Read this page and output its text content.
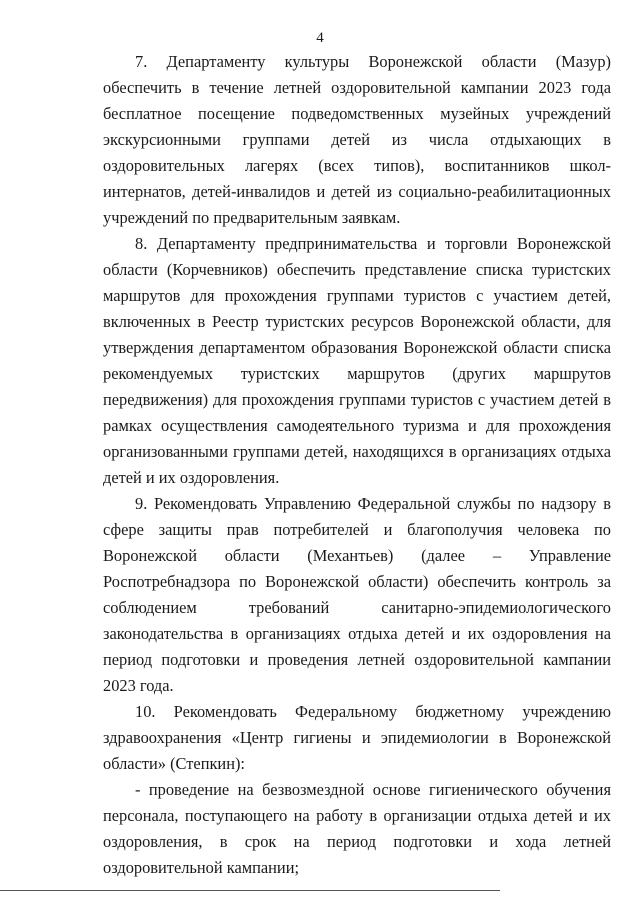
4

7. Департаменту культуры Воронежской области (Мазур) обеспечить в течение летней оздоровительной кампании 2023 года бесплатное посещение подведомственных музейных учреждений экскурсионными группами детей из числа отдыхающих в оздоровительных лагерях (всех типов), воспитанников школ-интернатов, детей-инвалидов и детей из социально-реабилитационных учреждений по предварительным заявкам.

8. Департаменту предпринимательства и торговли Воронежской области (Корчевников) обеспечить представление списка туристских маршрутов для прохождения группами туристов с участием детей, включенных в Реестр туристских ресурсов Воронежской области, для утверждения департаментом образования Воронежской области списка рекомендуемых туристских маршрутов (других маршрутов передвижения) для прохождения группами туристов с участием детей в рамках осуществления самодеятельного туризма и для прохождения организованными группами детей, находящихся в организациях отдыха детей и их оздоровления.

9. Рекомендовать Управлению Федеральной службы по надзору в сфере защиты прав потребителей и благополучия человека по Воронежской области (Механтьев) (далее – Управление Роспотребнадзора по Воронежской области) обеспечить контроль за соблюдением требований санитарно-эпидемиологического законодательства в организациях отдыха детей и их оздоровления на период подготовки и проведения летней оздоровительной кампании 2023 года.

10. Рекомендовать Федеральному бюджетному учреждению здравоохранения «Центр гигиены и эпидемиологии в Воронежской области» (Степкин):

- проведение на безвозмездной основе гигиенического обучения персонала, поступающего на работу в организации отдыха детей и их оздоровления, в срок на период подготовки и хода летней оздоровительной кампании;
